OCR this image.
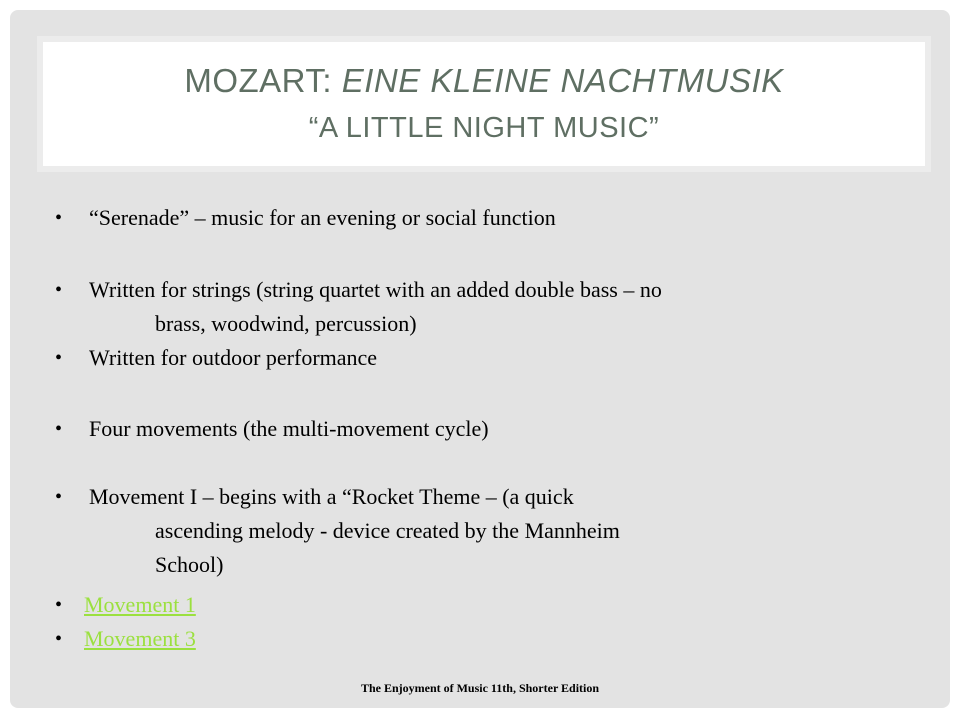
MOZART: EINE KLEINE NACHTMUSIK
“A LITTLE NIGHT MUSIC”
• “Serenade” – music for an evening or social function
• Written for strings (string quartet with an added double bass – no
brass, woodwind, percussion)
• Written for outdoor performance
• Four movements (the multi-movement cycle)
• Movement I – begins with a “Rocket Theme – (a quick
ascending melody - device created by the Mannheim
School)
• Movement 1
• Movement 3
The Enjoyment of Music 11th, Shorter Edition
